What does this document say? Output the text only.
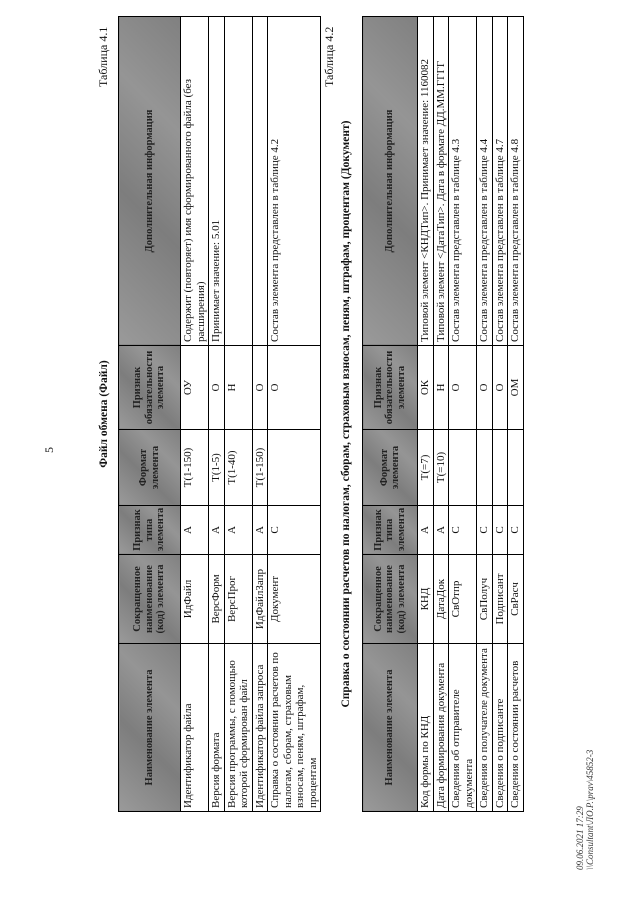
5
Таблица 4.1
Файл обмена (Файл)
Наименование элемента	Сокращенное наименование (код) элемента	Признак типа элемента	Формат элемента	Признак обязательности элемента	Дополнительная информация
Идентификатор файла	ИдФайл	А	Т(1-150)	ОУ	Содержит (повторяет) имя сформированного файла (без расширения)
Версия формата	ВерсФорм	А	Т(1-5)	О	Принимает значение: 5.01
Версия программы, с помощью которой сформирован файл	ВерсПрог	А	Т(1-40)	Н	
Идентификатор файла запроса	ИдФайлЗапр	А	Т(1-150)	О	
Справка о состоянии расчетов по налогам, сборам, страховым взносам, пеням, штрафам, процентам	Документ	С		О	Состав элемента представлен в таблице 4.2
Таблица 4.2
Справка о состоянии расчетов по налогам, сборам, страховым взносам, пеням, штрафам, процентам (Документ)
Наименование элемента	Сокращенное наименование (код) элемента	Признак типа элемента	Формат элемента	Признак обязательности элемента	Дополнительная информация
Код формы по КНД	КНД	А	Т(=7)	ОК	Типовой элемент <КНДТип>. Принимает значение: 1160082
Дата формирования документа	ДатаДок	А	Т(=10)	Н	Типовой элемент <ДатаТип>. Дата в формате ДД.ММ.ГГГГ
Сведения об отправителе документа	СвОтпр	С		О	Состав элемента представлен в таблице 4.3
Сведения о получателе документа	СвПолуч	С		О	Состав элемента представлен в таблице 4.4
Сведения о подписанте	Подписант	С		О	Состав элемента представлен в таблице 4.7
Сведения о состоянии расчетов	СвРасч	С		ОМ	Состав элемента представлен в таблице 4.8
09.06.2021 17:29 \\Consultant\ЛО.Р.\prav\45852-3
